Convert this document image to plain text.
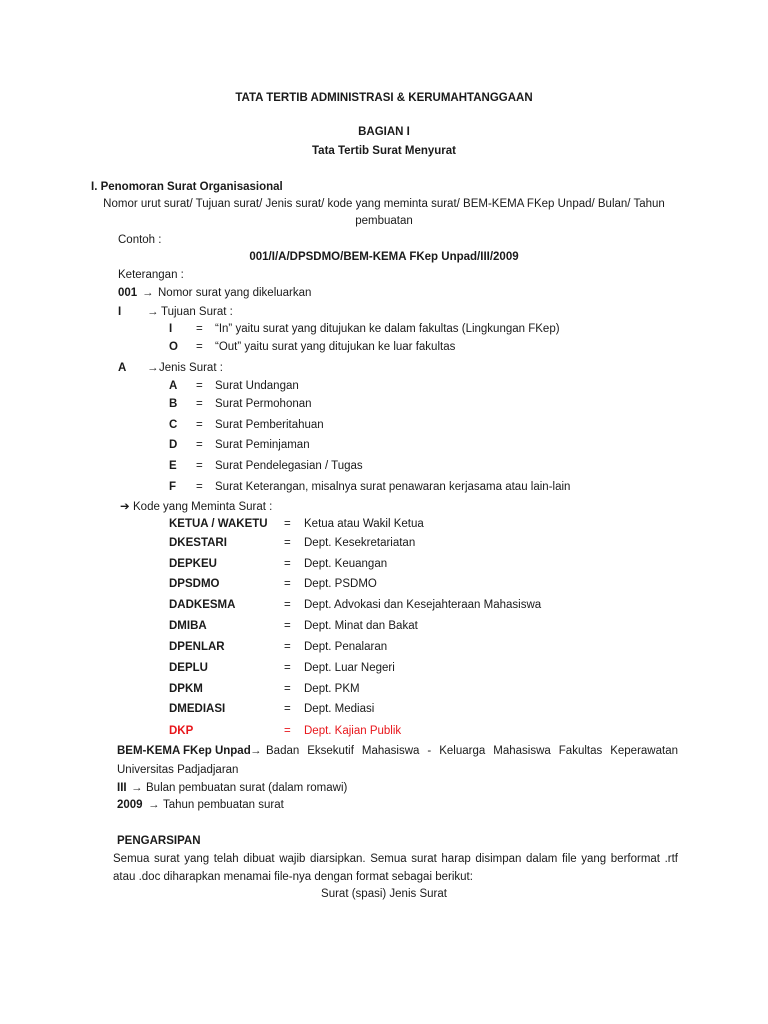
TATA TERTIB ADMINISTRASI & KERUMAHTANGGAAN
BAGIAN I
Tata Tertib Surat Menyurat
I. Penomoran Surat Organisasional
Nomor urut surat/ Tujuan surat/ Jenis surat/ kode yang meminta surat/ BEM-KEMA FKep Unpad/ Bulan/ Tahun
pembuatan
Contoh :
001/I/A/DPSDMO/BEM-KEMA FKep Unpad/III/2009
Keterangan :
001 → Nomor surat yang dikeluarkan
I → Tujuan Surat :
I = “In” yaitu surat yang ditujukan ke dalam fakultas (Lingkungan FKep)
O = “Out” yaitu surat yang ditujukan ke luar fakultas
A → Jenis Surat :
A = Surat Undangan
B = Surat Permohonan
C = Surat Pemberitahuan
D = Surat Peminjaman
E = Surat Pendelegasian / Tugas
F = Surat Keterangan, misalnya surat penawaran kerjasama atau lain-lain
➔ Kode yang Meminta Surat :
KETUA / WAKETU = Ketua atau Wakil Ketua
DKESTARI	= Dept. Kesekretariatan
DEPKEU	= Dept. Keuangan
DPSDMO	= Dept. PSDMO
DADKESMA	= Dept. Advokasi dan Kesejahteraan Mahasiswa
DMIBA	= Dept. Minat dan Bakat
DPENLAR	= Dept. Penalaran
DEPLU	= Dept. Luar Negeri
DPKM	= Dept. PKM
DMEDIASI	= Dept. Mediasi
DKP	= Dept. Kajian Publik
BEM-KEMA FKep Unpad → Badan Eksekutif Mahasiswa - Keluarga Mahasiswa Fakultas Keperawatan
Universitas Padjadjaran
III → Bulan pembuatan surat (dalam romawi)
2009 → Tahun pembuatan surat
PENGARSIPAN
Semua surat yang telah dibuat wajib diarsipkan. Semua surat harap disimpan dalam file yang berformat .rtf
atau .doc diharapkan menamai file-nya dengan format sebagai berikut:
Surat (spasi) Jenis Surat
